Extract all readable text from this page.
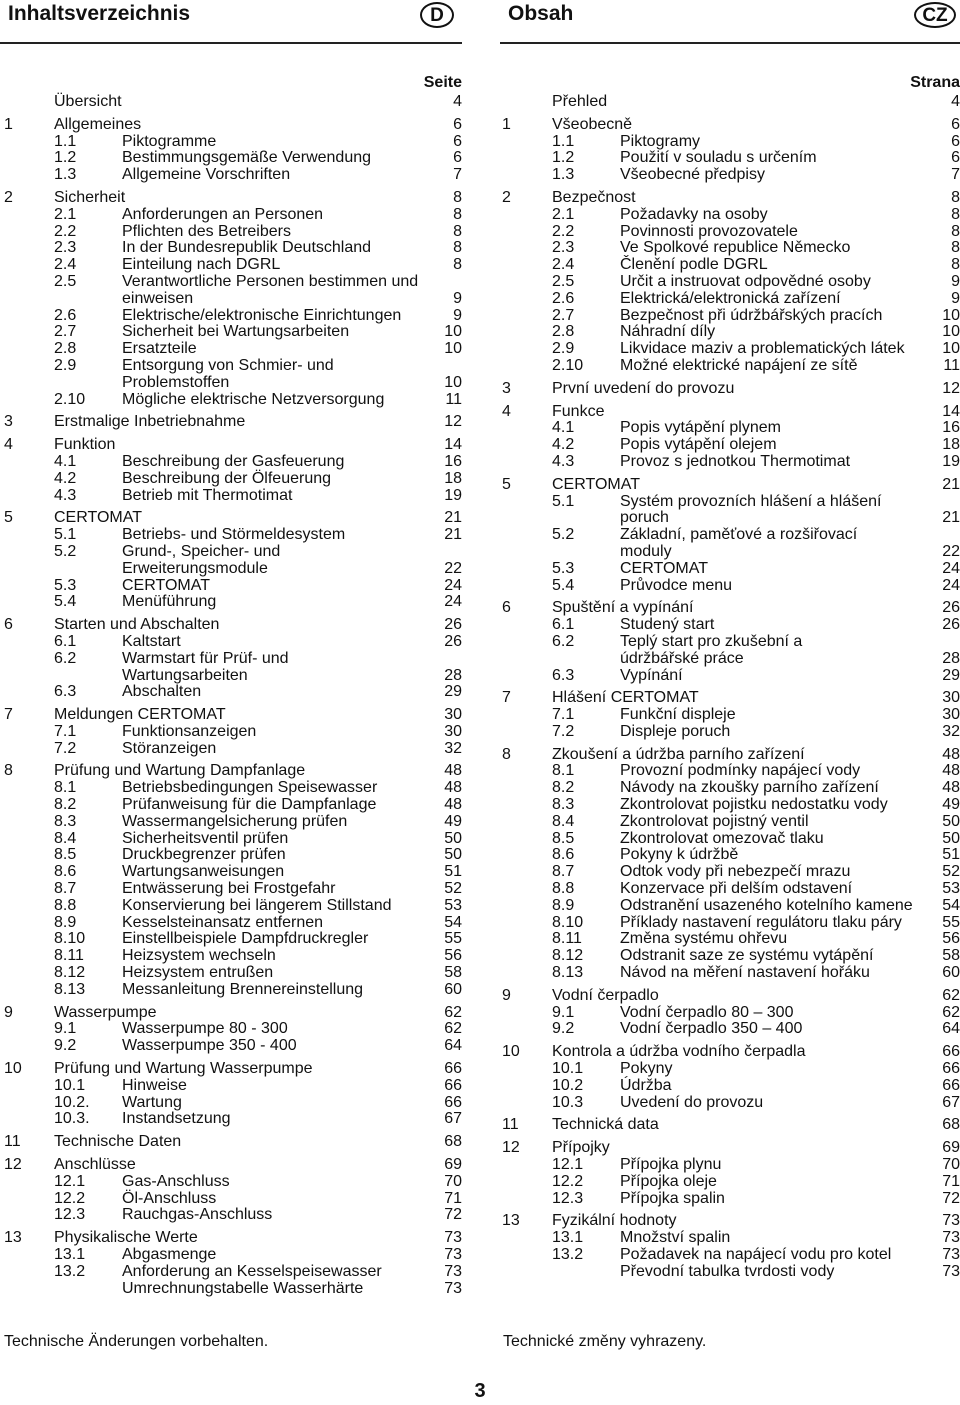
Inhaltsverzeichnis	D	Obsah	CZ
Seite
Übersicht	4
1	Allgemeines	6
1.1	Piktogramme	6
1.2	Bestimmungsgemäße Verwendung	6
1.3	Allgemeine Vorschriften	7
2	Sicherheit	8
2.1	Anforderungen an Personen	8
2.2	Pflichten des Betreibers	8
2.3	In der Bundesrepublik Deutschland	8
2.4	Einteilung nach DGRL	8
2.5	Verantwortliche Personen bestimmen und
einweisen	9
2.6	Elektrische/elektronische Einrichtungen	9
2.7	Sicherheit bei Wartungsarbeiten	10
2.8	Ersatzteile	10
2.9	Entsorgung von Schmier- und
Problemstoffen	10
2.10 Mögliche elektrische Netzversorgung	11
3	Erstmalige Inbetriebnahme	12
4	Funktion	14
4.1	Beschreibung der Gasfeuerung	16
4.2	Beschreibung der Ölfeuerung	18
4.3	Betrieb mit Thermotimat	19
5	CERTOMAT	21
5.1	Betriebs- und Störmeldesystem	21
5.2	Grund-, Speicher- und
Erweiterungsmodule	22
5.3	CERTOMAT	24
5.4	Menüführung	24
6	Starten und Abschalten	26
6.1	Kaltstart	26
6.2	Warmstart für Prüf- und
Wartungsarbeiten	28
6.3	Abschalten	29
7	Meldungen CERTOMAT	30
7.1	Funktionsanzeigen	30
7.2	Störanzeigen	32
8	Prüfung und Wartung Dampfanlage	48
8.1	Betriebsbedingungen Speisewasser	48
8.2	Prüfanweisung für die Dampfanlage	48
8.3	Wassermangelsicherung prüfen	49
8.4	Sicherheitsventil prüfen	50
8.5	Druckbegrenzer prüfen	50
8.6	Wartungsanweisungen	51
8.7	Entwässerung bei Frostgefahr	52
8.8	Konservierung bei längerem Stillstand	53
8.9	Kesselsteinansatz entfernen	54
8.10 Einstellbeispiele Dampfdruckregler	55
8.11 Heizsystem wechseln	56
8.12 Heizsystem entrußen	58
8.13 Messanleitung Brennereinstellung	60
9	Wasserpumpe	62
9.1	Wasserpumpe 80 - 300	62
9.2	Wasserpumpe 350 - 400	64
10 Prüfung und Wartung Wasserpumpe	66
10.1 Hinweise	66
10.2. Wartung	66
10.3. Instandsetzung	67
11 Technische Daten	68
12 Anschlüsse	69
12.1 Gas-Anschluss	70
12.2 Öl-Anschluss	71
12.3 Rauchgas-Anschluss	72
13 Physikalische Werte	73
13.1 Abgasmenge	73
13.2 Anforderung an Kesselspeisewasser	73
Umrechnungstabelle Wasserhärte	73
Strana
Přehled	4
1	Všeobecně	6
1.1	Piktogramy	6
1.2	Použití v souladu s určením	6
1.3	Všeobecné předpisy	7
2	Bezpečnost	8
2.1	Požadavky na osoby	8
2.2	Povinnosti provozovatele	8
2.3	Ve Spolkové republice Německo	8
2.4	Členění podle DGRL	8
2.5	Určit a instruovat odpovědné osoby	9
2.6	Elektrická/elektronická zařízení	9
2.7	Bezpečnost při údržbářských pracích	10
2.8	Náhradní díly	10
2.9	Likvidace maziv a problematických látek	10
2.10 Možné elektrické napájení ze sítě	11
3	První uvedení do provozu	12
4	Funkce	14
4.1	Popis vytápění plynem	16
4.2	Popis vytápění olejem	18
4.3	Provoz s jednotkou Thermotimat	19
5	CERTOMAT	21
5.1	Systém provozních hlášení a hlášení poruch	21
5.2	Základní, paměťové a rozšiřovací
moduly	22
5.3	CERTOMAT	24
5.4	Průvodce menu	24
6	Spuštění a vypínání	26
6.1	Studený start	26
6.2	Teplý start pro zkušební a
údržbářské práce	28
6.3	Vypínání	29
7	Hlášení CERTOMAT	30
7.1	Funkční displeje	30
7.2	Displeje poruch	32
8	Zkoušení a údržba parního zařízení	48
8.1	Provozní podmínky napájecí vody	48
8.2	Návody na zkoušky parního zařízení	48
8.3	Zkontrolovat pojistku nedostatku vody	49
8.4	Zkontrolovat pojistný ventil	50
8.5	Zkontrolovat omezovač tlaku	50
8.6	Pokyny k údržbě	51
8.7	Odtok vody při nebezpečí mrazu	52
8.8	Konzervace při delším odstavení	53
8.9	Odstranění usazeného kotelního kamene	54
8.10 Příklady nastavení regulátoru tlaku páry	55
8.11 Změna systému ohřevu	56
8.12 Odstranit saze ze systému vytápění	58
8.13 Návod na měření nastavení hořáku	60
9	Vodní čerpadlo	62
9.1	Vodní čerpadlo 80 – 300	62
9.2	Vodní čerpadlo 350 – 400	64
10 Kontrola a údržba vodního čerpadla	66
10.1 Pokyny	66
10.2 Údržba	66
10.3 Uvedení do provozu	67
11 Technická data	68
12 Přípojky	69
12.1 Přípojka plynu	70
12.2 Přípojka oleje	71
12.3 Přípojka spalin	72
13 Fyzikální hodnoty	73
13.1 Množství spalin	73
13.2 Požadavek na napájecí vodu pro kotel	73
Převodní tabulka tvrdosti vody	73
Technische Änderungen vorbehalten.	Technické změny vyhrazeny.
3
